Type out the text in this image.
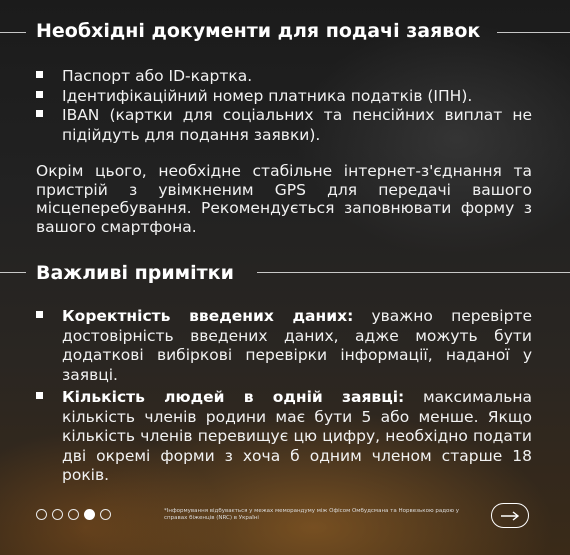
Необхідні документи для подачі заявок
Паспорт або ID-картка.
Ідентифікаційний номер платника податків (ІПН).
IBAN (картки для соціальних та пенсійних виплат не підійдуть для подання заявки).

Окрім цього, необхідне стабільне інтернет-з'єднання та пристрій з увімкненим GPS для передачі вашого місцеперебування. Рекомендується заповнювати форму з вашого смартфона.

Важливі примітки
Коректність введених даних: уважно перевірте достовірність введених даних, адже можуть бути додаткові вибіркові перевірки інформації, наданої у заявці.
Кількість людей в одній заявці: максимальна кількість членів родини має бути 5 або менше. Якщо кількість членів перевищує цю цифру, необхідно подати дві окремі форми з хоча б одним членом старше 18 років.
*Інформування відбувається у межах меморандуму між Офісом Омбудсмана та Норвезькою радою у справах біженців (NRC) в Україні
